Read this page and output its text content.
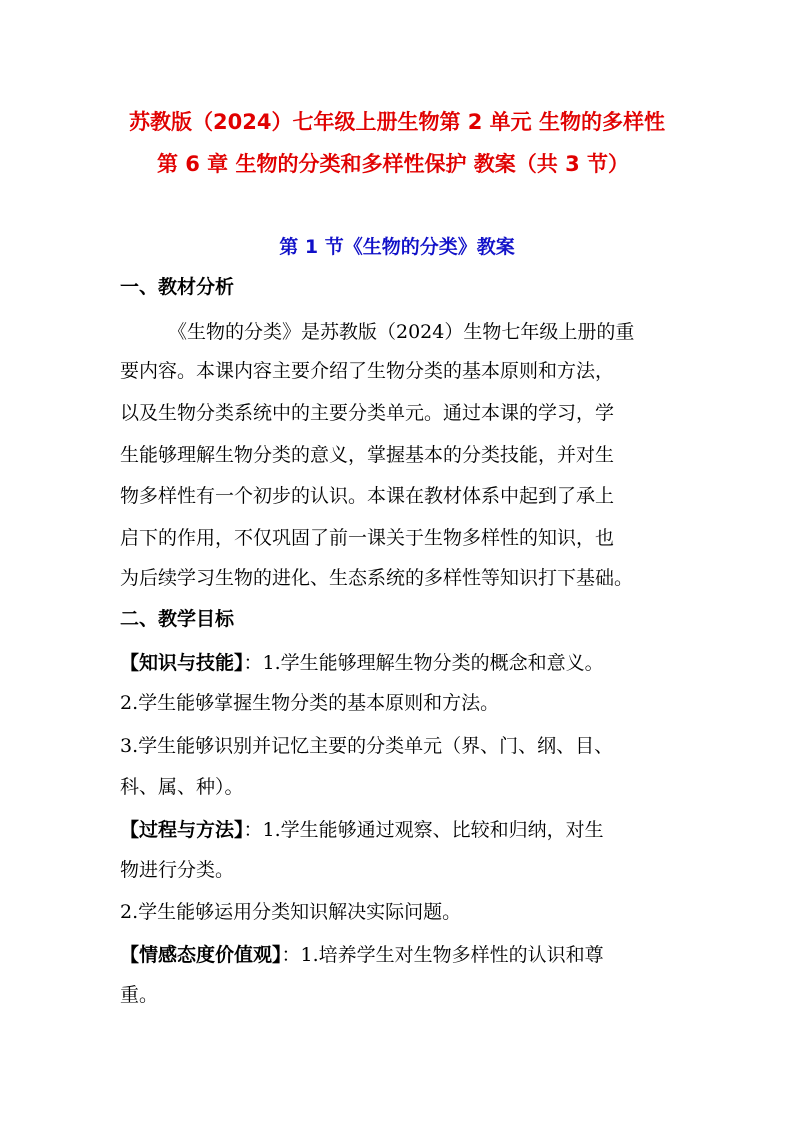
苏教版（2024）七年级上册生物第 2 单元 生物的多样性
第 6 章 生物的分类和多样性保护 教案（共 3 节）
第 1 节《生物的分类》教案
一、教材分析
《生物的分类》是苏教版（2024）生物七年级上册的重
要内容。本课内容主要介绍了生物分类的基本原则和方法，
以及生物分类系统中的主要分类单元。通过本课的学习，学
生能够理解生物分类的意义，掌握基本的分类技能，并对生
物多样性有一个初步的认识。本课在教材体系中起到了承上
启下的作用，不仅巩固了前一课关于生物多样性的知识，也
为后续学习生物的进化、生态系统的多样性等知识打下基础。
二、教学目标
【知识与技能】：1.学生能够理解生物分类的概念和意义。
2.学生能够掌握生物分类的基本原则和方法。
3.学生能够识别并记忆主要的分类单元（界、门、纲、目、
科、属、种）。
【过程与方法】：1.学生能够通过观察、比较和归纳，对生
物进行分类。
2.学生能够运用分类知识解决实际问题。
【情感态度价值观】：1.培养学生对生物多样性的认识和尊
重。
